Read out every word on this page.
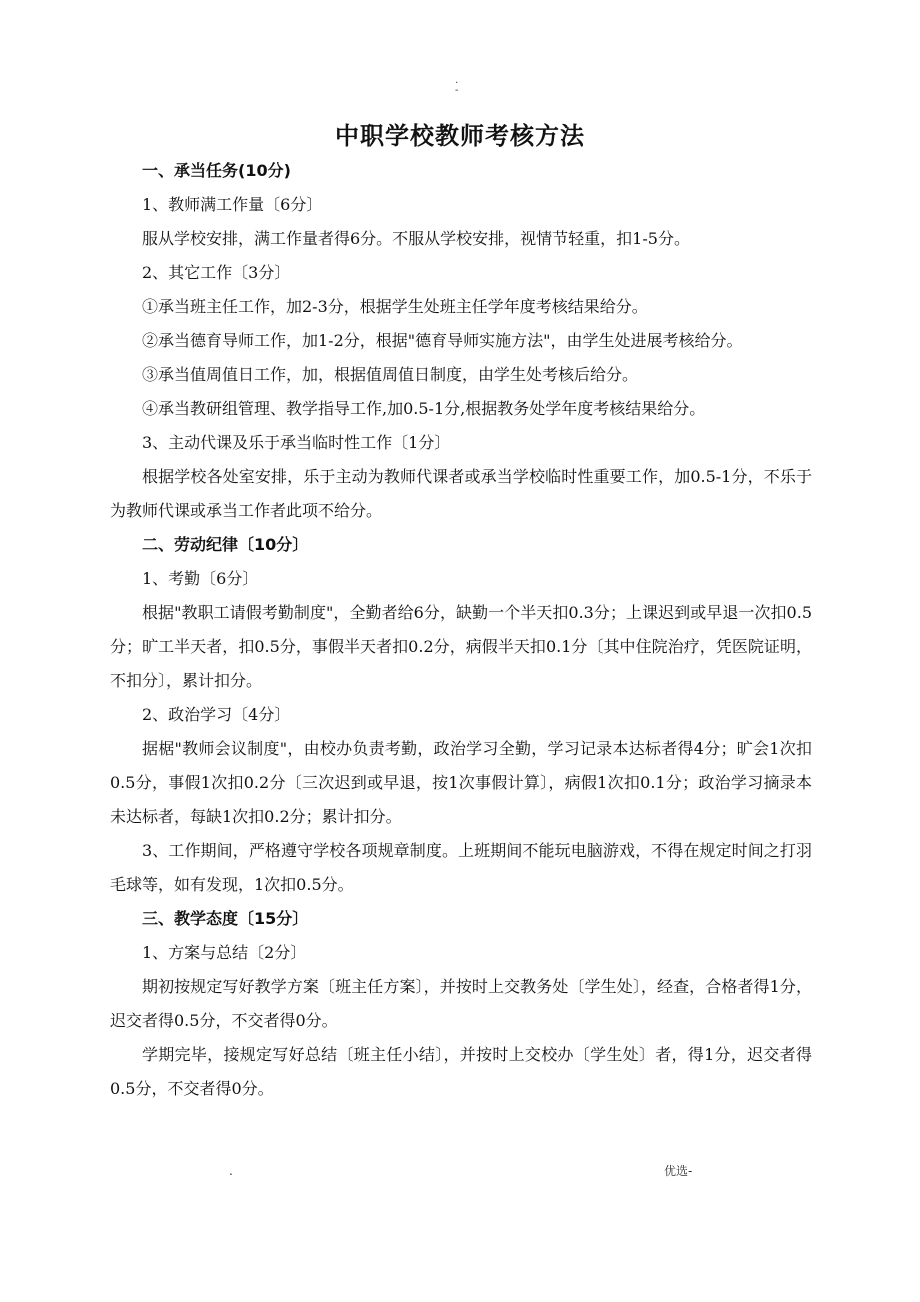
.
-
中职学校教师考核方法

一、承当任务(10分)

1、教师满工作量〔6分〕

服从学校安排，满工作量者得6分。不服从学校安排，视情节轻重，扣1-5分。

2、其它工作〔3分〕

①承当班主任工作，加2-3分，根据学生处班主任学年度考核结果给分。

②承当德育导师工作，加1-2分，根据"德育导师实施方法"，由学生处进展考核给分。

③承当值周值日工作，加，根据值周值日制度，由学生处考核后给分。

④承当教研组管理、教学指导工作,加0.5-1分,根据教务处学年度考核结果给分。

3、主动代课及乐于承当临时性工作〔1分〕

根据学校各处室安排，乐于主动为教师代课者或承当学校临时性重要工作，加0.5-1分，不乐于为教师代课或承当工作者此项不给分。

二、劳动纪律〔10分〕

1、考勤〔6分〕

根据"教职工请假考勤制度"，全勤者给6分，缺勤一个半天扣0.3分；上课迟到或早退一次扣0.5分；旷工半天者，扣0.5分，事假半天者扣0.2分，病假半天扣0.1分〔其中住院治疗，凭医院证明，不扣分〕，累计扣分。

2、政治学习〔4分〕

据椐"教师会议制度"，由校办负责考勤，政治学习全勤，学习记录本达标者得4分；旷会1次扣0.5分，事假1次扣0.2分〔三次迟到或早退，按1次事假计算〕，病假1次扣0.1分；政治学习摘录本未达标者，每缺1次扣0.2分；累计扣分。

3、工作期间，严格遵守学校各项规章制度。上班期间不能玩电脑游戏，不得在规定时间之打羽毛球等，如有发现，1次扣0.5分。

三、教学态度〔15分〕

1、方案与总结〔2分〕

期初按规定写好教学方案〔班主任方案〕，并按时上交教务处〔学生处〕，经查，合格者得1分，迟交者得0.5分，不交者得0分。

学期完毕，接规定写好总结〔班主任小结〕，并按时上交校办〔学生处〕者，得1分，迟交者得0.5分，不交者得0分。

.	优选-
